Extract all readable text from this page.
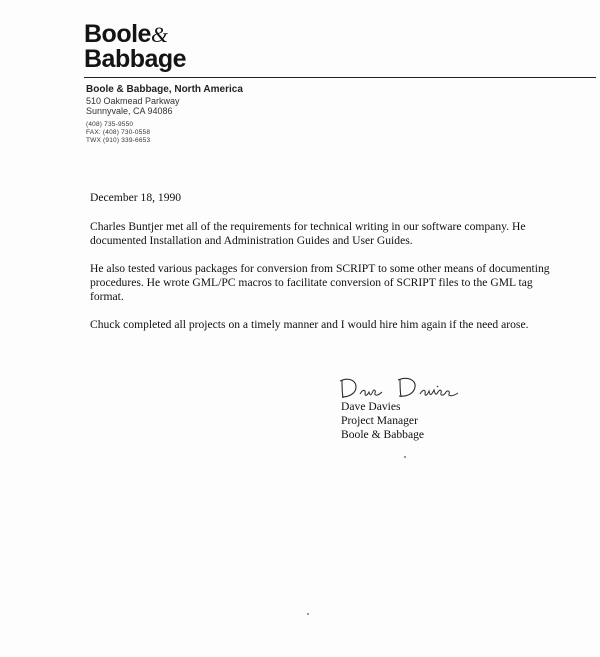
Boole&
Babbage
Boole & Babbage, North America
510 Oakmead Parkway
Sunnyvale, CA 94086
(408) 735-9550
FAX: (408) 730-0558
TWX (910) 339-6653

December 18, 1990

Charles Buntjer met all of the requirements for technical writing in our software company. He documented Installation and Administration Guides and User Guides.

He also tested various packages for conversion from SCRIPT to some other means of documenting procedures. He wrote GML/PC macros to facilitate conversion of SCRIPT files to the GML tag format.

Chuck completed all projects on a timely manner and I would hire him again if the need arose.

Dave Davies
Project Manager
Boole & Babbage
